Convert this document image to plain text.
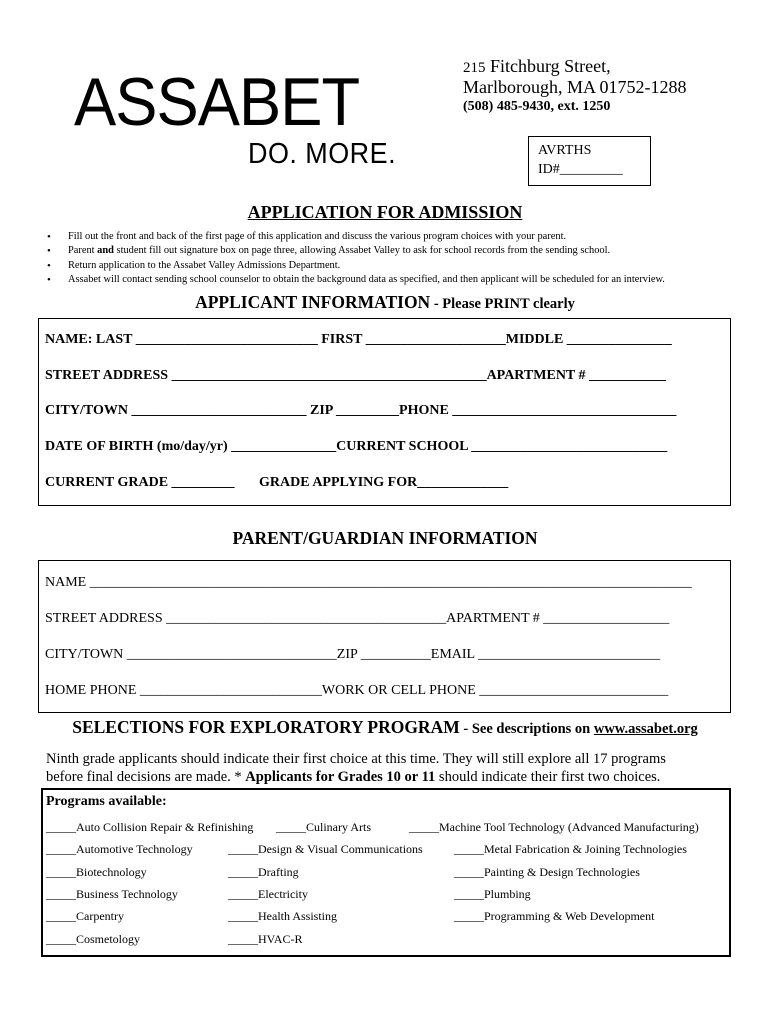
ASSABET
DO. MORE.
215 Fitchburg Street,
Marlborough, MA 01752-1288
(508) 485-9430, ext. 1250
AVRTHS
ID#_________
APPLICATION FOR ADMISSION
• Fill out the front and back of the first page of this application and discuss the various program choices with your parent.
• Parent and student fill out signature box on page three, allowing Assabet Valley to ask for school records from the sending school.
• Return application to the Assabet Valley Admissions Department.
• Assabet will contact sending school counselor to obtain the background data as specified, and then applicant will be scheduled for an interview.
APPLICANT INFORMATION - Please PRINT clearly
NAME: LAST __________________________ FIRST ____________________MIDDLE _______________
STREET ADDRESS _____________________________________________APARTMENT # ___________
CITY/TOWN _________________________ ZIP _________PHONE ________________________________
DATE OF BIRTH (mo/day/yr) _______________CURRENT SCHOOL ____________________________
CURRENT GRADE _________       GRADE APPLYING FOR_____________
PARENT/GUARDIAN INFORMATION
NAME ______________________________________________________________________________________
STREET ADDRESS ________________________________________APARTMENT # __________________
CITY/TOWN ______________________________ZIP __________EMAIL __________________________
HOME PHONE __________________________WORK OR CELL PHONE ___________________________
SELECTIONS FOR EXPLORATORY PROGRAM - See descriptions on www.assabet.org
Ninth grade applicants should indicate their first choice at this time. They will still explore all 17 programs
before final decisions are made. * Applicants for Grades 10 or 11 should indicate their first two choices.
Programs available:
_____Auto Collision Repair & Refinishing _____Culinary Arts	_____Machine Tool Technology (Advanced Manufacturing)
_____Automotive Technology	_____Design & Visual Communications	_____Metal Fabrication & Joining Technologies
_____Biotechnology	_____Drafting	_____Painting & Design Technologies
_____Business Technology	_____Electricity	_____Plumbing
_____Carpentry	_____Health Assisting	_____Programming & Web Development
_____Cosmetology	_____HVAC-R
